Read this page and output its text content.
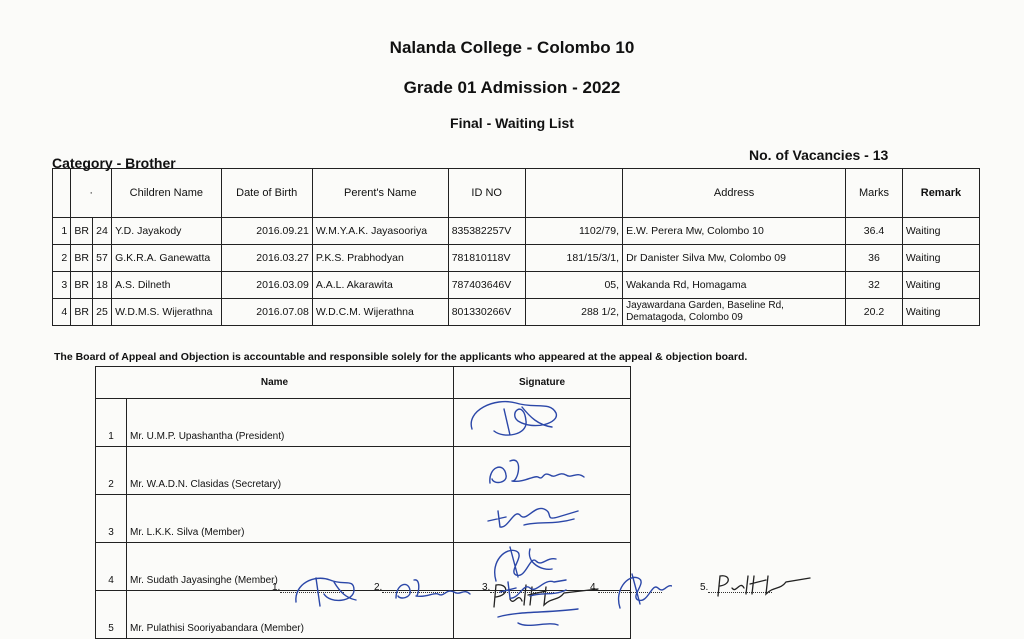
Nalanda College - Colombo 10
Grade 01 Admission - 2022
Final - Waiting List
Category - Brother	No. of Vacancies - 13
	·		Children Name	Date of Birth	Perent's Name	ID NO		Address	Marks	Remark
1	BR	24	Y.D. Jayakody	2016.09.21	W.M.Y.A.K. Jayasooriya	835382257V	1102/79,	E.W. Perera Mw, Colombo 10	36.4	Waiting
2	BR	57	G.K.R.A. Ganewatta	2016.03.27	P.K.S. Prabhodyan	781810118V	181/15/3/1,	Dr Danister Silva Mw, Colombo 09	36	Waiting
3	BR	18	A.S. Dilneth	2016.03.09	A.A.L. Akarawita	787403646V	05,	Wakanda Rd, Homagama	32	Waiting
4	BR	25	W.D.M.S. Wijerathna	2016.07.08	W.D.C.M. Wijerathna	801330266V	288 1/2,	Jayawardana Garden, Baseline Rd, Dematagoda, Colombo 09	20.2	Waiting
The Board of Appeal and Objection is accountable and responsible solely for the applicants who appeared at the appeal & objection board.
Name		Signature
1	Mr. U.M.P. Upashantha (President)	

2	Mr. W.A.D.N. Clasidas (Secretary)	

3	Mr. L.K.K. Silva (Member)	

4	Mr. Sudath Jayasinghe (Member)	

5	Mr. Pulathisi Sooriyabandara (Member)	
1.	2.	3.	4.	5.
